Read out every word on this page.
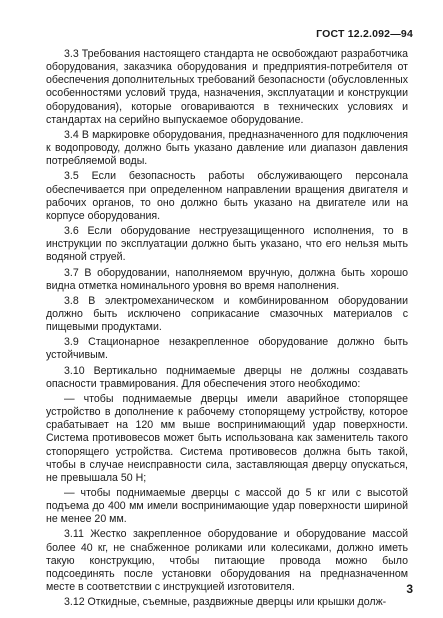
ГОСТ 12.2.092—94

3.3 Требования настоящего стандарта не освобождают разработчика оборудования, заказчика оборудования и предприятия-потребителя от обеспечения дополнительных требований безопасности (обусловленных особенностями условий труда, назначения, эксплуатации и конструкции оборудования), которые оговариваются в технических условиях и стандартах на серийно выпускаемое оборудование.

3.4 В маркировке оборудования, предназначенного для подключения к водопроводу, должно быть указано давление или диапазон давления потребляемой воды.

3.5 Если безопасность работы обслуживающего персонала обеспечивается при определенном направлении вращения двигателя и рабочих органов, то оно должно быть указано на двигателе или на корпусе оборудования.

3.6 Если оборудование неструезащищенного исполнения, то в инструкции по эксплуатации должно быть указано, что его нельзя мыть водяной струей.

3.7 В оборудовании, наполняемом вручную, должна быть хорошо видна отметка номинального уровня во время наполнения.

3.8 В электромеханическом и комбинированном оборудовании должно быть исключено соприкасание смазочных материалов с пищевыми продуктами.

3.9 Стационарное незакрепленное оборудование должно быть устойчивым.

3.10 Вертикально поднимаемые дверцы не должны создавать опасности травмирования. Для обеспечения этого необходимо:

— чтобы поднимаемые дверцы имели аварийное стопорящее устройство в дополнение к рабочему стопорящему устройству, которое срабатывает на 120 мм выше воспринимающий удар поверхности. Система противовесов может быть использована как заменитель такого стопорящего устройства. Система противовесов должна быть такой, чтобы в случае неисправности сила, заставляющая дверцу опускаться, не превышала 50 Н;

— чтобы поднимаемые дверцы с массой до 5 кг или с высотой подъема до 400 мм имели воспринимающие удар поверхности шириной не менее 20 мм.

3.11 Жестко закрепленное оборудование и оборудование массой более 40 кг, не снабженное роликами или колесиками, должно иметь такую конструкцию, чтобы питающие провода можно было подсоединять после установки оборудования на предназначенном месте в соответствии с инструкцией изготовителя.

3.12 Откидные, съемные, раздвижные дверцы или крышки долж-

3
